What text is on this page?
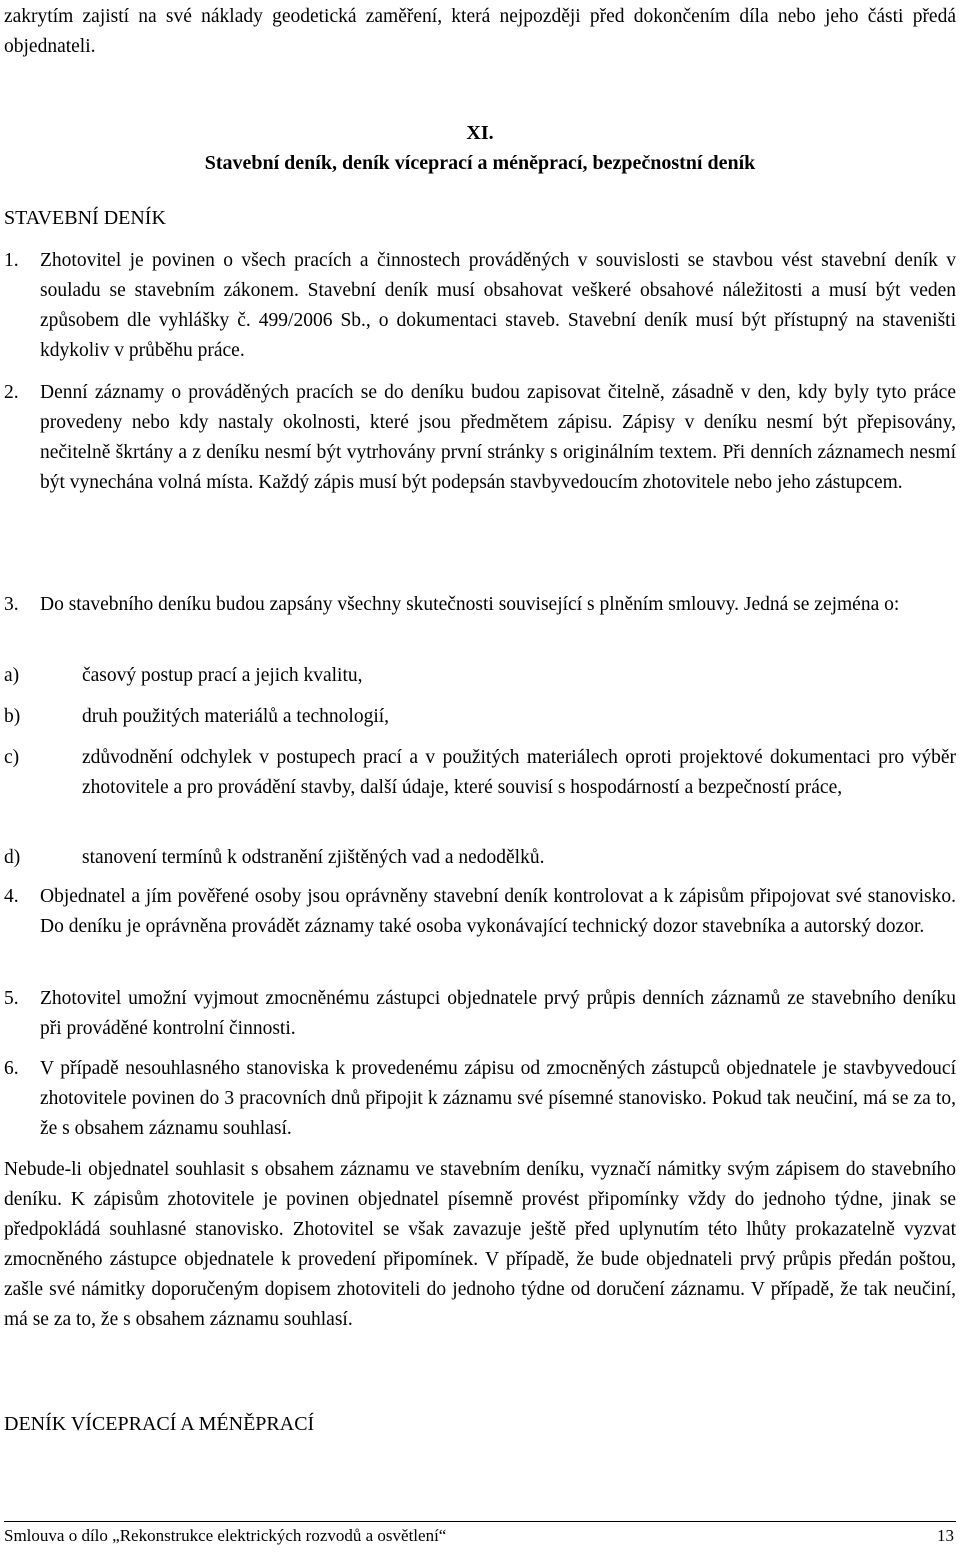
zakrytím zajistí na své náklady geodetická zaměření, která nejpozději před dokončením díla nebo jeho části předá objednateli.
XI.
Stavební deník, deník víceprací a méněprací, bezpečnostní deník
STAVEBNÍ DENÍK
1.	Zhotovitel je povinen o všech pracích a činnostech prováděných v souvislosti se stavbou vést stavební deník v souladu se stavebním zákonem. Stavební deník musí obsahovat veškeré obsahové náležitosti a musí být veden způsobem dle vyhlášky č. 499/2006 Sb., o dokumentaci staveb. Stavební deník musí být přístupný na staveništi kdykoliv v průběhu práce.
2.	Denní záznamy o prováděných pracích se do deníku budou zapisovat čitelně, zásadně v den, kdy byly tyto práce provedeny nebo kdy nastaly okolnosti, které jsou předmětem zápisu. Zápisy v deníku nesmí být přepisovány, nečitelně škrtány a z deníku nesmí být vytrhovány první stránky s originálním textem. Při denních záznamech nesmí být vynechána volná místa. Každý zápis musí být podepsán stavbyvedoucím zhotovitele nebo jeho zástupcem.
3.	Do stavebního deníku budou zapsány všechny skutečnosti související s plněním smlouvy. Jedná se zejména o:
a)	časový postup prací a jejich kvalitu,
b)	druh použitých materiálů a technologií,
c)	zdůvodnění odchylek v postupech prací a v použitých materiálech oproti projektové dokumentaci pro výběr zhotovitele a pro provádění stavby, další údaje, které souvisí s hospodárností a bezpečností práce,
d)	stanovení termínů k odstranění zjištěných vad a nedodělků.
4.	Objednatel a jím pověřené osoby jsou oprávněny stavební deník kontrolovat a k zápisům připojovat své stanovisko. Do deníku je oprávněna provádět záznamy také osoba vykonávající technický dozor stavebníka a autorský dozor.
5.	Zhotovitel umožní vyjmout zmocněnému zástupci objednatele prvý průpis denních záznamů ze stavebního deníku při prováděné kontrolní činnosti.
6.	V případě nesouhlasného stanoviska k provedenému zápisu od zmocněných zástupců objednatele je stavbyvedoucí zhotovitele povinen do 3 pracovních dnů připojit k záznamu své písemné stanovisko. Pokud tak neučiní, má se za to, že s obsahem záznamu souhlasí.
Nebude-li objednatel souhlasit s obsahem záznamu ve stavebním deníku, vyznačí námitky svým zápisem do stavebního deníku. K zápisům zhotovitele je povinen objednatel písemně provést připomínky vždy do jednoho týdne, jinak se předpokládá souhlasné stanovisko. Zhotovitel se však zavazuje ještě před uplynutím této lhůty prokazatelně vyzvat zmocněného zástupce objednatele k provedení připomínek. V případě, že bude objednateli prvý průpis předán poštou, zašle své námitky doporučeným dopisem zhotoviteli do jednoho týdne od doručení záznamu. V případě, že tak neučiní, má se za to, že s obsahem záznamu souhlasí.
DENÍK VÍCEPRACÍ A MÉNĚPRACÍ
Smlouva o dílo „Rekonstrukce elektrických rozvodů a osvětlení“	13
